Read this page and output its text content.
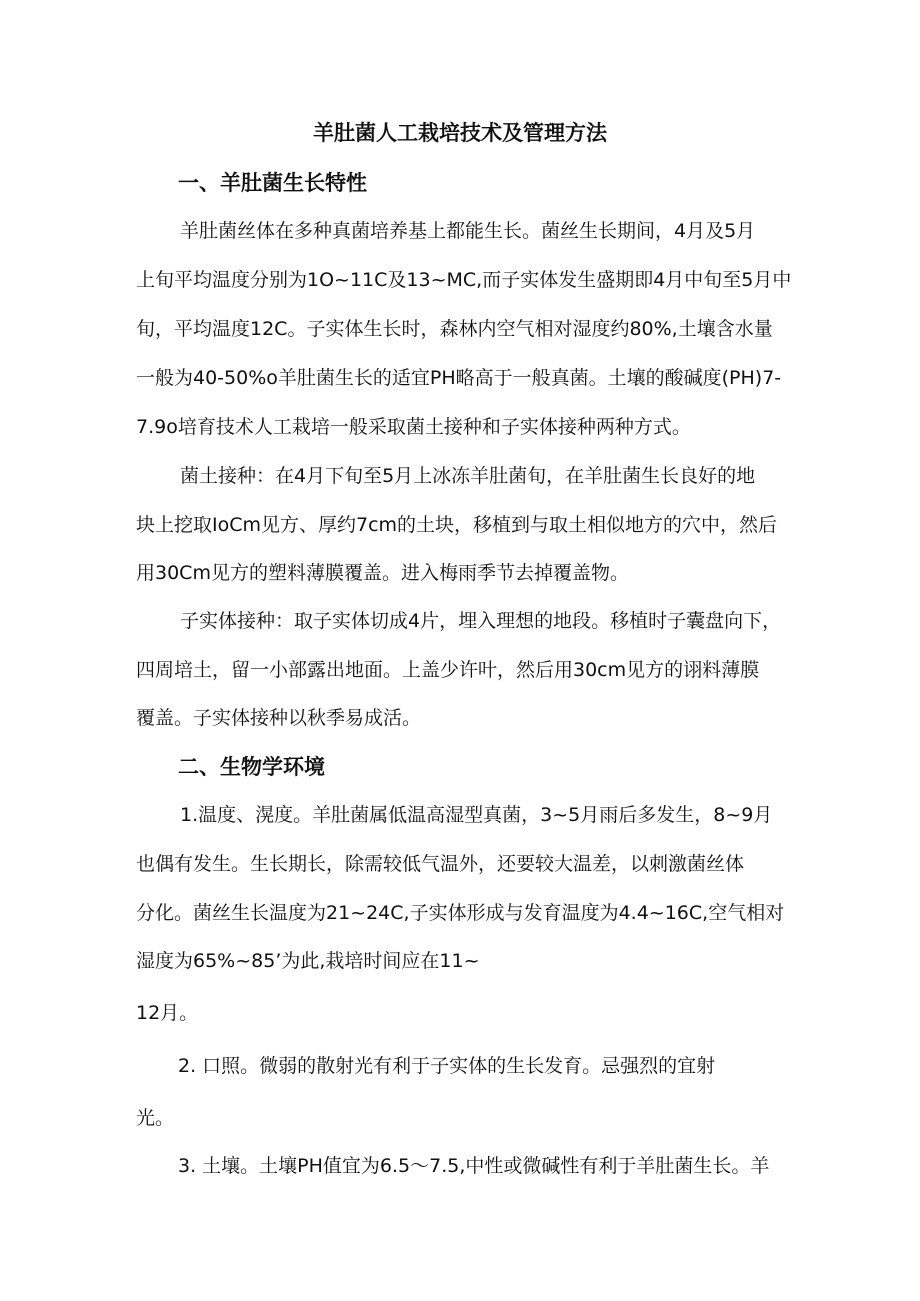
羊肚菌人工栽培技术及管理方法
一、羊肚菌生长特性
羊肚菌丝体在多种真菌培养基上都能生长。菌丝生长期间，4月及5月
上旬平均温度分别为1O~11C及13~MC,而子实体发生盛期即4月中旬至5月中
旬，平均温度12C。子实体生长时，森林内空气相对湿度约80%,土壤含水量
一般为40-50%o羊肚菌生长的适宜PH略高于一般真菌。土壤的酸碱度(PH)7-
7.9o培育技术人工栽培一般采取菌土接种和子实体接种两种方式。
菌土接种：在4月下旬至5月上冰冻羊肚菌旬，在羊肚菌生长良好的地
块上挖取IoCm见方、厚约7cm的土块，移植到与取土相似地方的穴中，然后
用30Cm见方的塑料薄膜覆盖。进入梅雨季节去掉覆盖物。
子实体接种：取子实体切成4片，埋入理想的地段。移植时子囊盘向下，
四周培土，留一小部露出地面。上盖少许叶，然后用30cm见方的诩料薄膜
覆盖。子实体接种以秋季易成活。
二、生物学环境
1.温度、滉度。羊肚菌属低温高湿型真菌，3~5月雨后多发生，8~9月
也偶有发生。生长期长，除需较低气温外，还要较大温差，以刺激菌丝体
分化。菌丝生长温度为21~24C,子实体形成与发育温度为4.4~16C,空气相对
湿度为65%~85’为此,栽培时间应在11~
12月。
2. 口照。微弱的散射光有利于子实体的生长发育。忌强烈的宜射
光。
3. 土壤。土壤PH值宜为6.5～7.5,中性或微碱性有利于羊肚菌生长。羊
